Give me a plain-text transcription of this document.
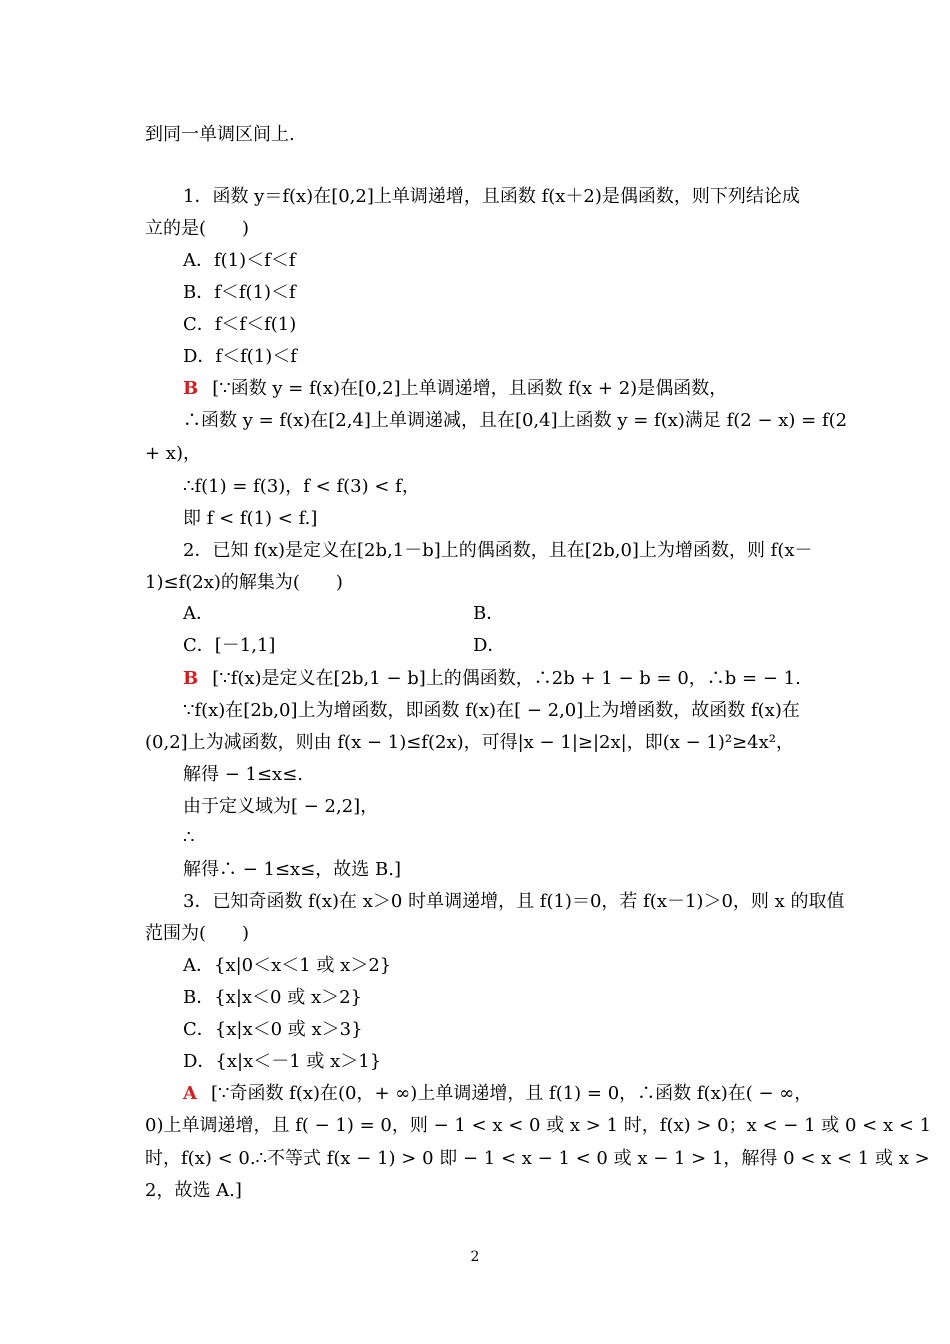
到同一单调区间上.
1．函数 y＝f(x)在[0,2]上单调递增，且函数 f(x＋2)是偶函数，则下列结论成
立的是(　　)
A．f(1)＜f＜f
B．f＜f(1)＜f
C．f＜f＜f(1)
D．f＜f(1)＜f
B [∵函数 y = f(x)在[0,2]上单调递增，且函数 f(x + 2)是偶函数，
∴函数 y = f(x)在[2,4]上单调递减，且在[0,4]上函数 y = f(x)满足 f(2 − x) = f(2
+ x)，
∴f(1) = f(3)，f < f(3) < f，
即 f < f(1) < f.]
2．已知 f(x)是定义在[2b,1－b]上的偶函数，且在[2b,0]上为增函数，则 f(x－
1)≤f(2x)的解集为(　　)
A．	B．
C．[－1,1]	D．
B [∵f(x)是定义在[2b,1 − b]上的偶函数，∴2b + 1 − b = 0，∴b = − 1.
∵f(x)在[2b,0]上为增函数，即函数 f(x)在[ − 2,0]上为增函数，故函数 f(x)在
(0,2]上为减函数，则由 f(x − 1)≤f(2x)，可得|x − 1|≥|2x|，即(x − 1)²≥4x²，
解得 − 1≤x≤.
由于定义域为[ − 2,2]，
∴
解得∴ − 1≤x≤，故选 B.]
3．已知奇函数 f(x)在 x＞0 时单调递增，且 f(1)＝0，若 f(x－1)＞0，则 x 的取值
范围为(　　)
A．{x|0＜x＜1 或 x＞2}
B．{x|x＜0 或 x＞2}
C．{x|x＜0 或 x＞3}
D．{x|x＜－1 或 x＞1}
A [∵奇函数 f(x)在(0，+ ∞)上单调递增，且 f(1) = 0，∴函数 f(x)在( − ∞，
0)上单调递增，且 f( − 1) = 0，则 − 1 < x < 0 或 x > 1 时，f(x) > 0；x < − 1 或 0 < x < 1
时，f(x) < 0.∴不等式 f(x − 1) > 0 即 − 1 < x − 1 < 0 或 x − 1 > 1，解得 0 < x < 1 或 x >
2，故选 A.]
2
